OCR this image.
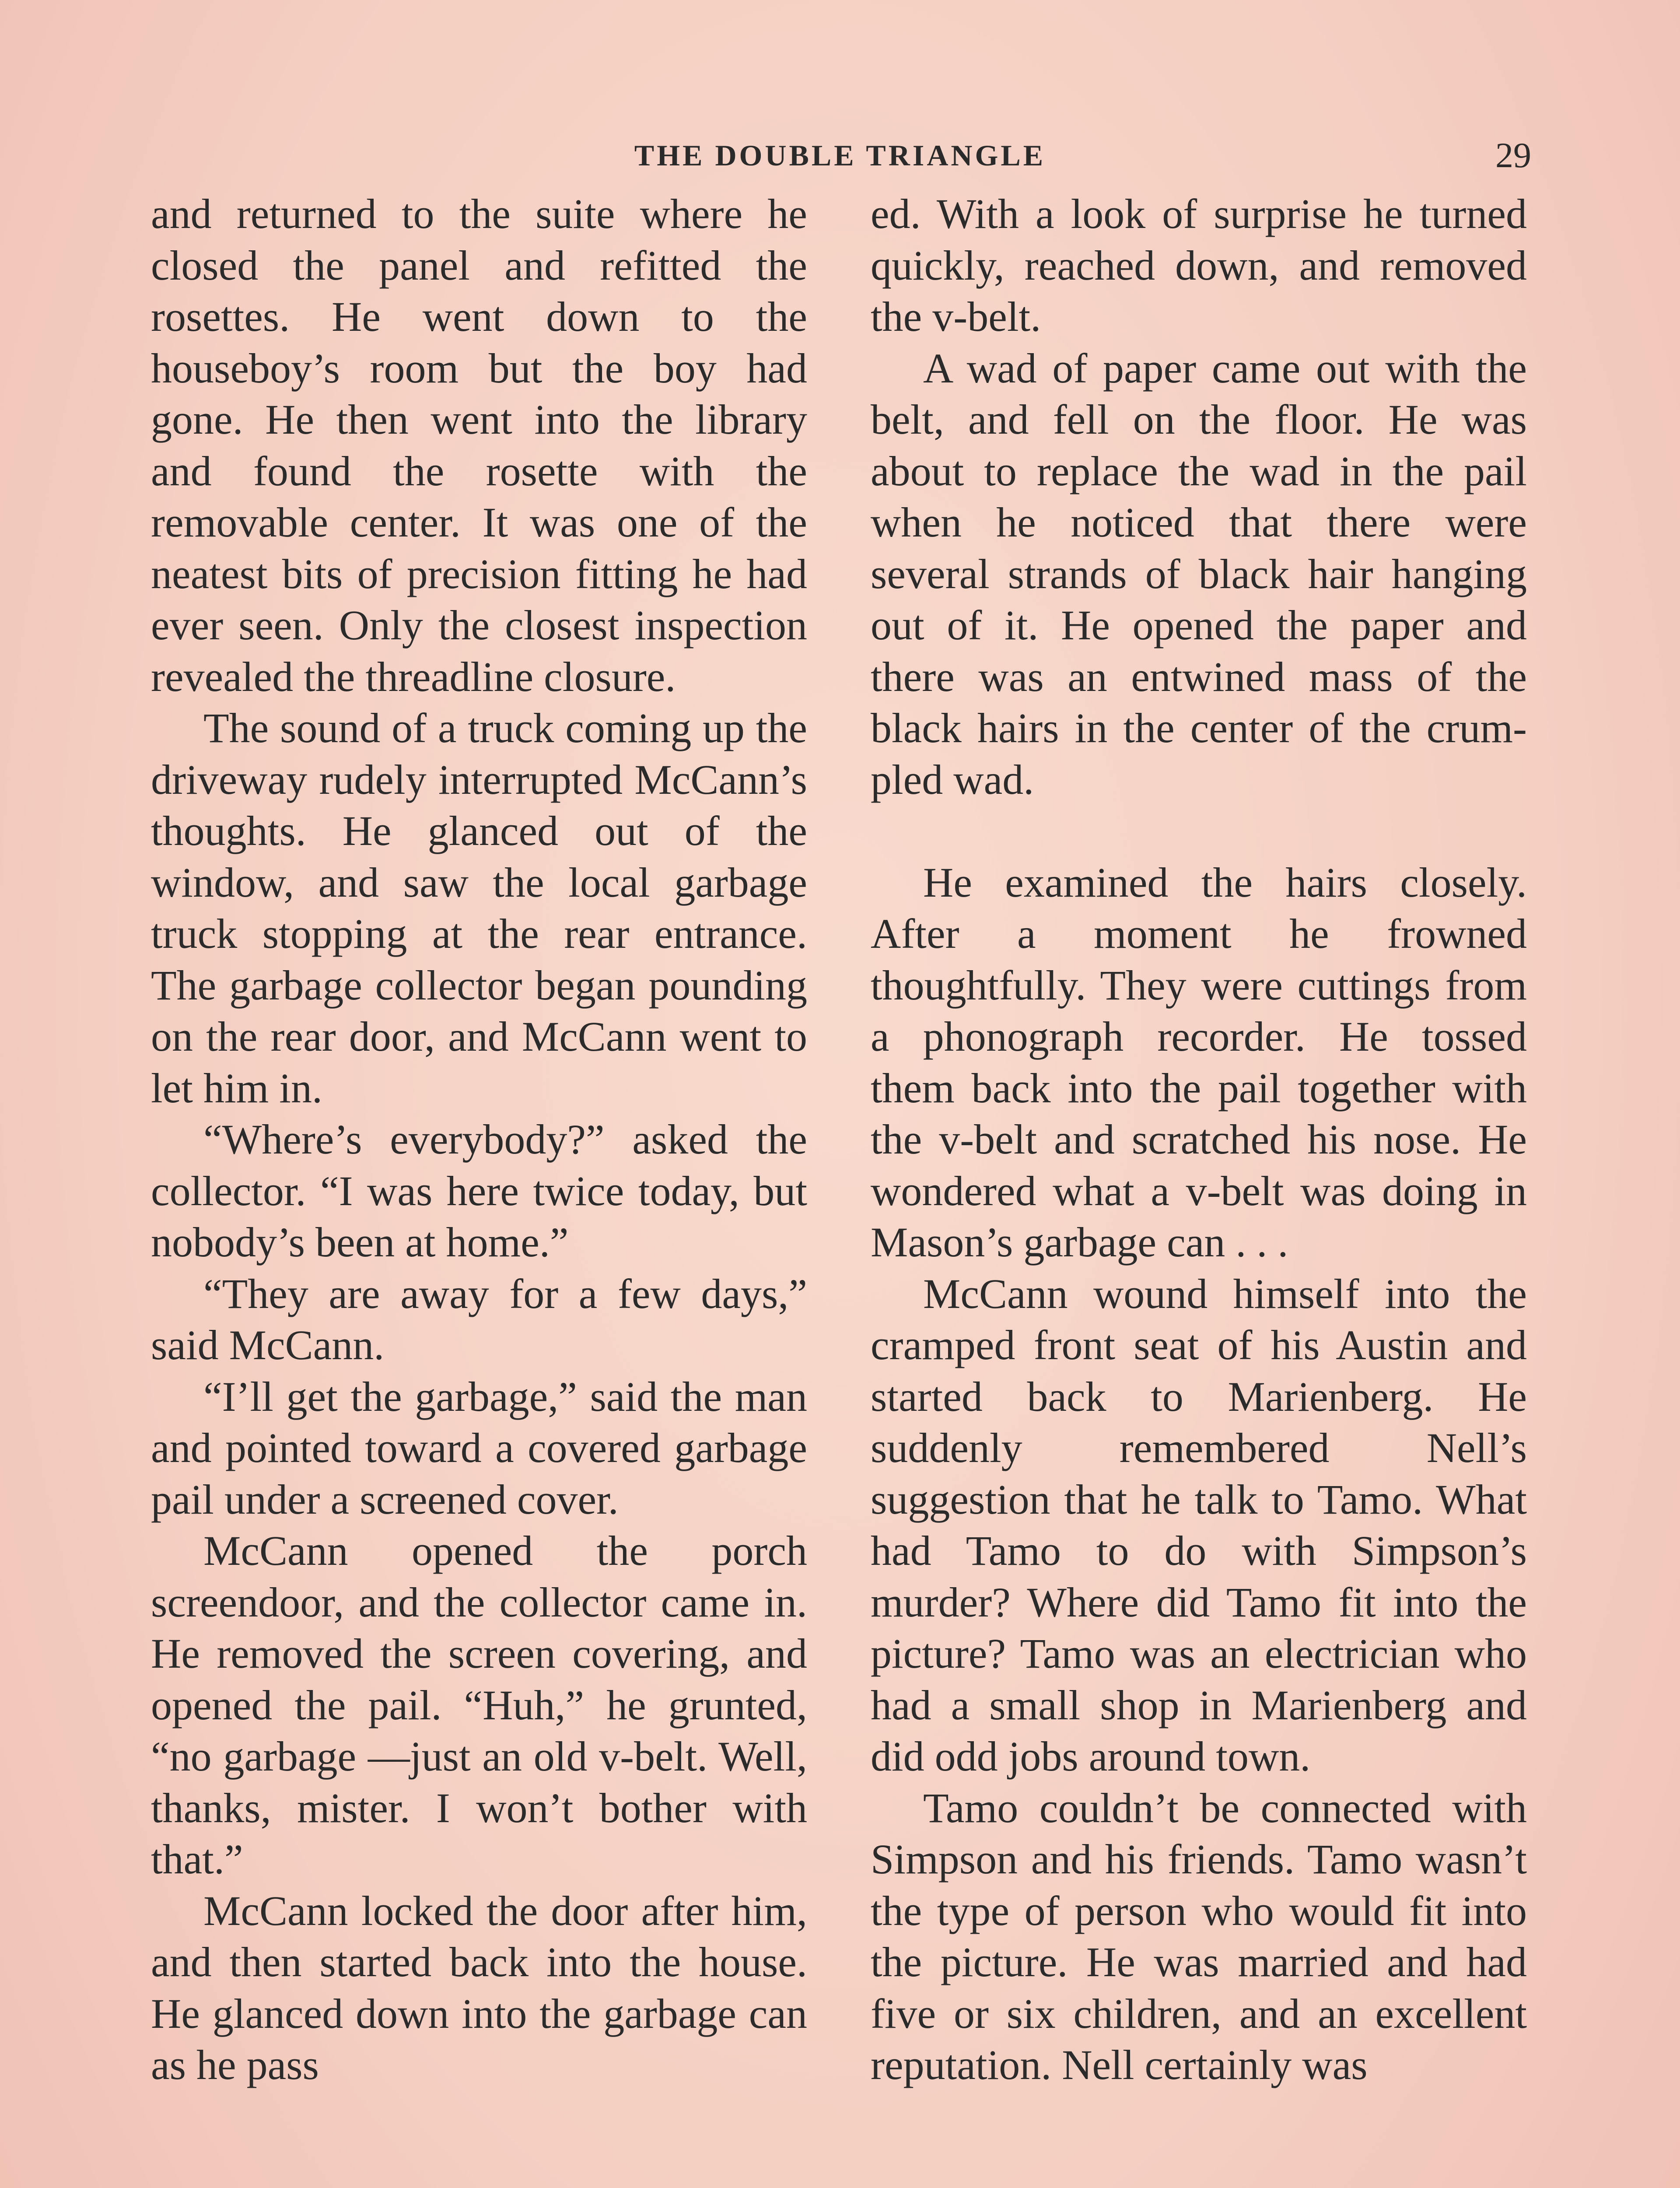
THE DOUBLE TRIANGLE	29

and returned to the suite where he closed the panel and refitted the rosettes. He went down to the houseboy’s room but the boy had gone. He then went into the library and found the rosette with the removable center. It was one of the neatest bits of precision fitting he had ever seen. Only the closest inspection revealed the threadline closure.

The sound of a truck coming up the driveway rudely interrupted McCann’s thoughts. He glanced out of the window, and saw the local garbage truck stopping at the rear entrance. The garbage collector began pounding on the rear door, and McCann went to let him in.

“Where’s everybody?” asked the collector. “I was here twice today, but nobody’s been at home.”

“They are away for a few days,” said McCann.

“I’ll get the garbage,” said the man and pointed toward a covered garbage pail under a screened cover.

McCann opened the porch screendoor, and the collector came in. He removed the screen covering, and opened the pail. “Huh,” he grunted, “no garbage —just an old v-belt. Well, thanks, mister. I won’t bother with that.”

McCann locked the door after him, and then started back into the house. He glanced down into the garbage can as he pass

ed. With a look of surprise he turned quickly, reached down, and removed the v-belt.

A wad of paper came out with the belt, and fell on the floor. He was about to replace the wad in the pail when he noticed that there were several strands of black hair hanging out of it. He opened the paper and there was an entwined mass of the black hairs in the center of the crumpled wad.

He examined the hairs closely. After a moment he frowned thoughtfully. They were cuttings from a phonograph recorder. He tossed them back into the pail together with the v-belt and scratched his nose. He wondered what a v-belt was doing in Mason’s garbage can . . .

McCann wound himself into the cramped front seat of his Austin and started back to Marienberg. He suddenly remembered Nell’s suggestion that he talk to Tamo. What had Tamo to do with Simpson’s murder? Where did Tamo fit into the picture? Tamo was an electrician who had a small shop in Marienberg and did odd jobs around town.

Tamo couldn’t be connected with Simpson and his friends. Tamo wasn’t the type of person who would fit into the picture. He was married and had five or six children, and an excellent reputation. Nell certainly was
